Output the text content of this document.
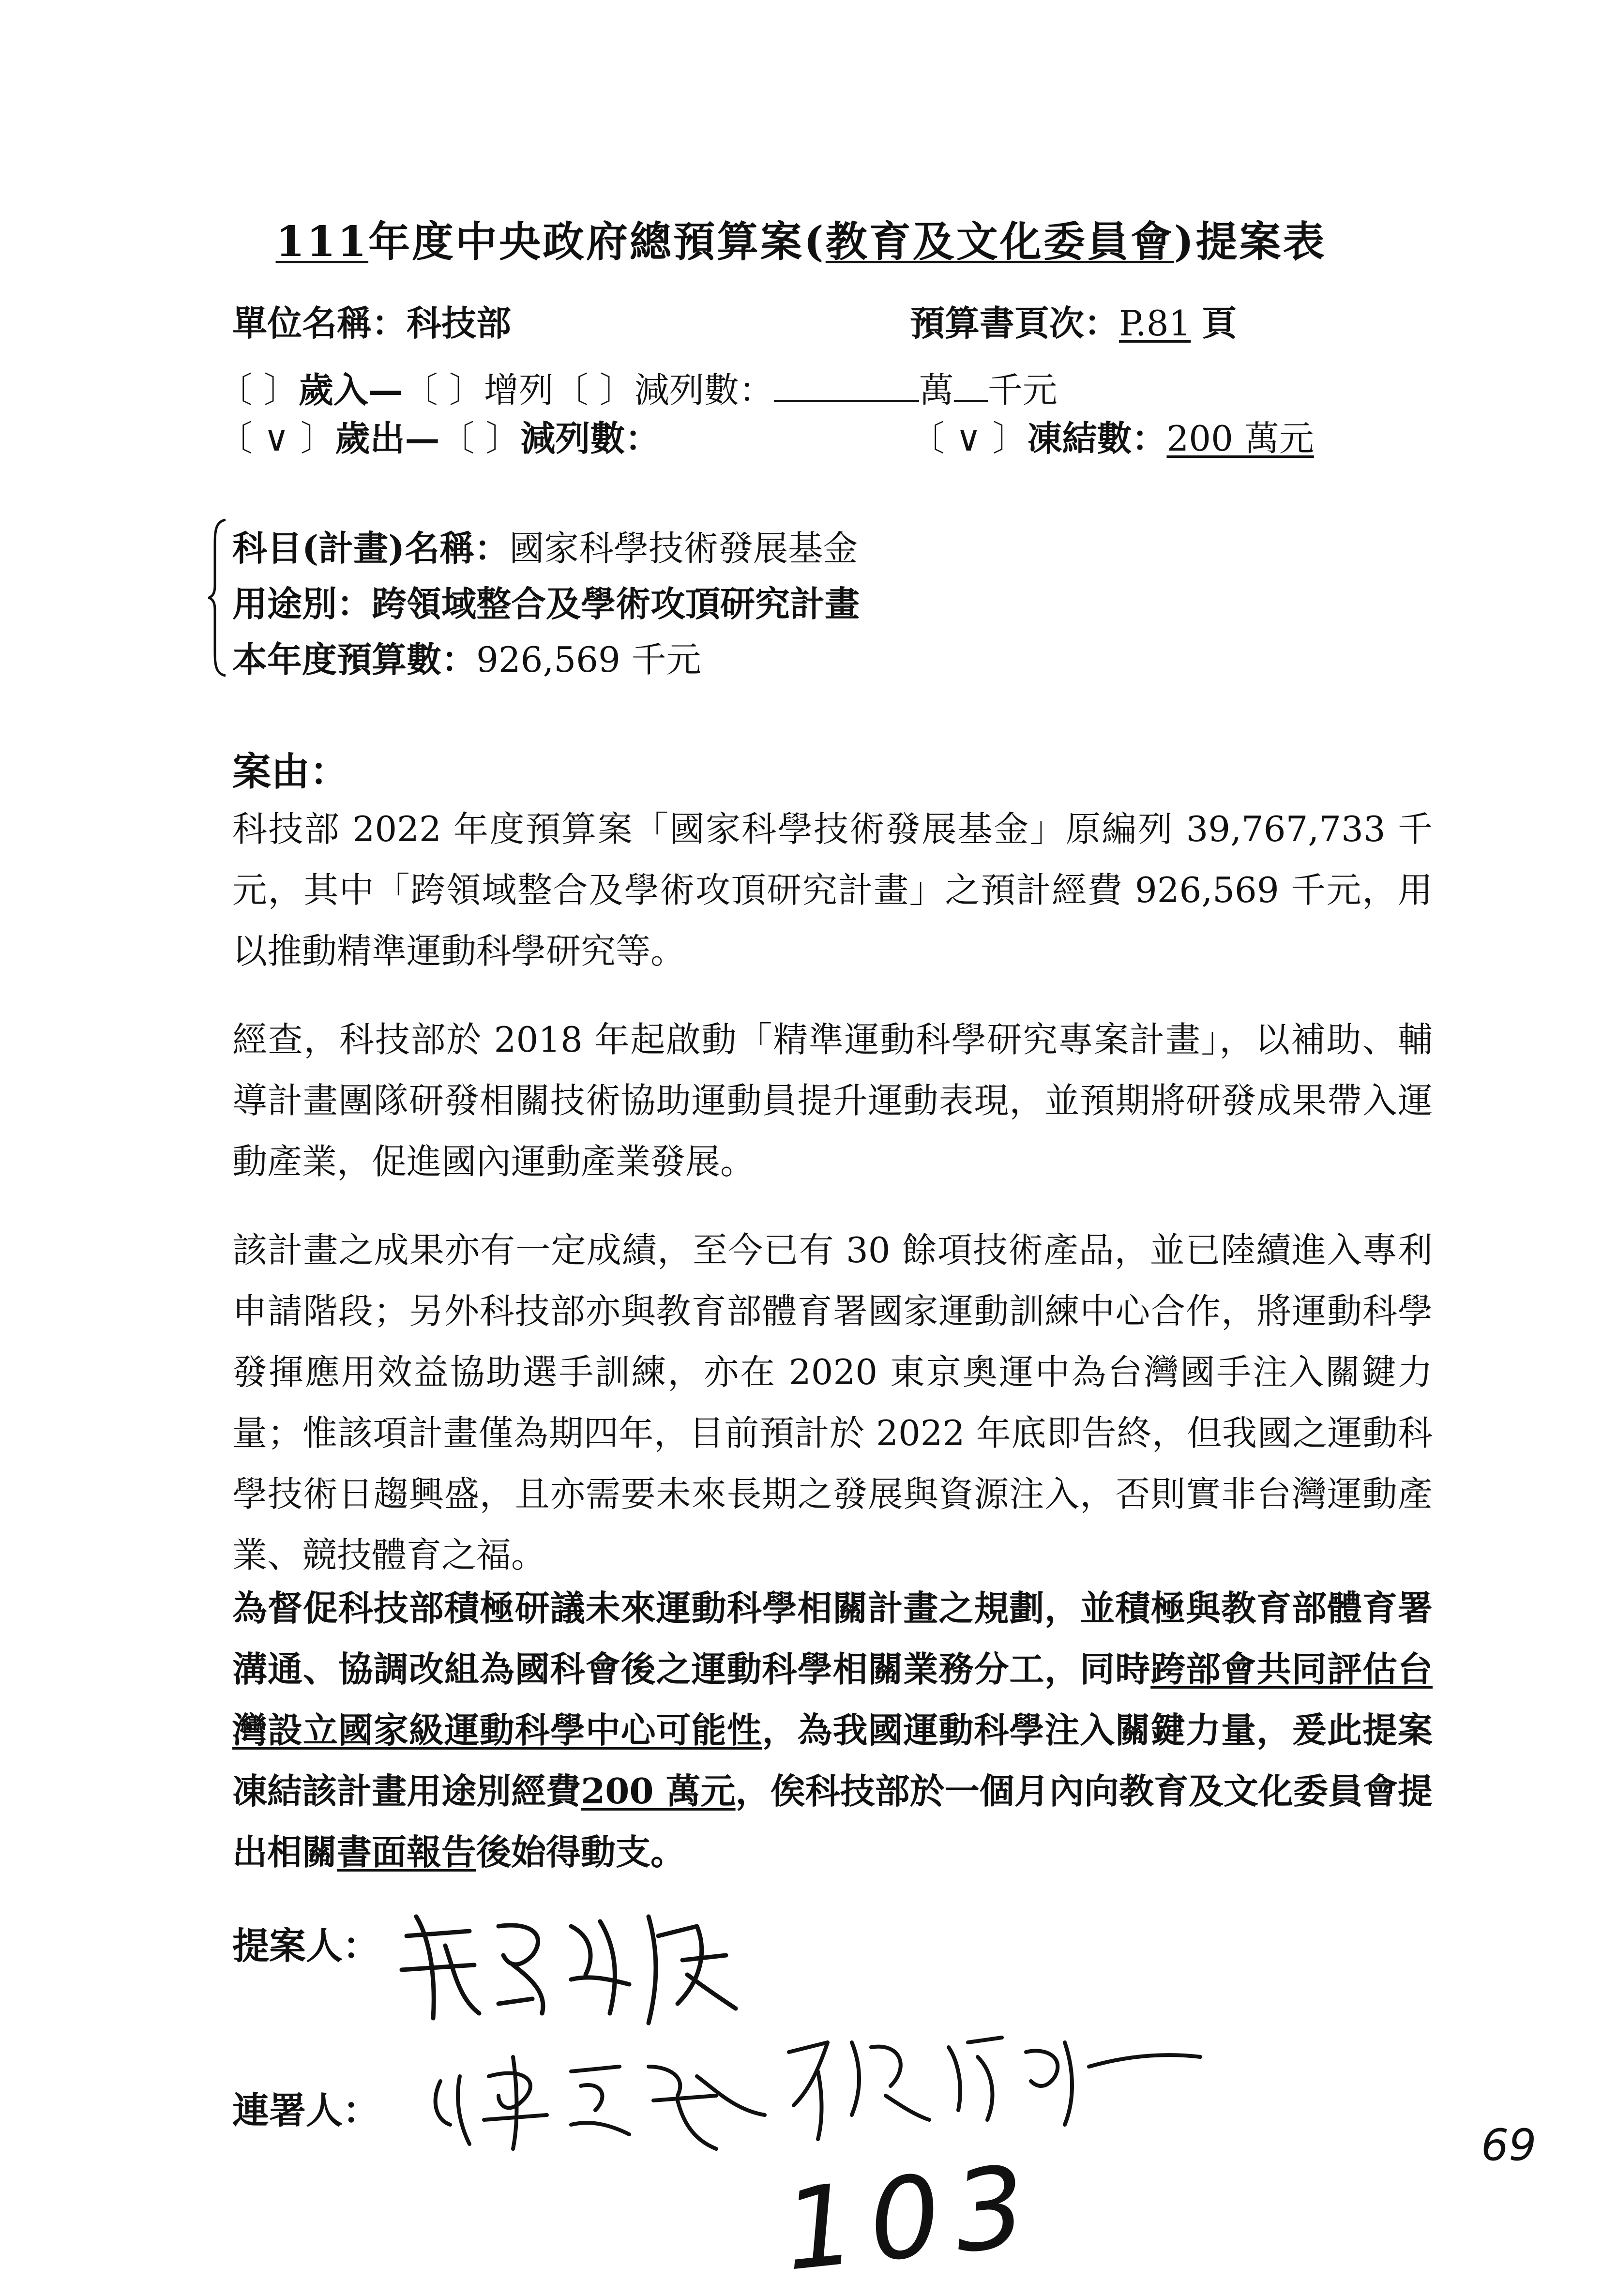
111年度中央政府總預算案(教育及文化委員會)提案表
單位名稱：科技部	預算書頁次：P.81 頁
〔 〕歲入—〔 〕增列〔 〕減列數：	萬 千元
〔 ∨ 〕歲出—〔 〕減列數：	〔 ∨ 〕凍結數：200 萬元
科目(計畫)名稱：國家科學技術發展基金
用途別：跨領域整合及學術攻頂研究計畫
本年度預算數：926,569 千元
案由：
科技部 2022 年度預算案「國家科學技術發展基金」原編列 39,767,733 千元，其中「跨領域整合及學術攻頂研究計畫」之預計經費 926,569 千元，用以推動精準運動科學研究等。
經查，科技部於 2018 年起啟動「精準運動科學研究專案計畫」，以補助、輔導計畫團隊研發相關技術協助運動員提升運動表現，並預期將研發成果帶入運動產業，促進國內運動產業發展。
該計畫之成果亦有一定成績，至今已有 30 餘項技術產品，並已陸續進入專利申請階段；另外科技部亦與教育部體育署國家運動訓練中心合作，將運動科學發揮應用效益協助選手訓練，亦在 2020 東京奧運中為台灣國手注入關鍵力量；惟該項計畫僅為期四年，目前預計於 2022 年底即告終，但我國之運動科學技術日趨興盛，且亦需要未來長期之發展與資源注入，否則實非台灣運動產業、競技體育之福。
為督促科技部積極研議未來運動科學相關計畫之規劃，並積極與教育部體育署溝通、協調改組為國科會後之運動科學相關業務分工，同時跨部會共同評估台灣設立國家級運動科學中心可能性，為我國運動科學注入關鍵力量，爰此提案凍結該計畫用途別經費200 萬元，俟科技部於一個月內向教育及文化委員會提出相關書面報告後始得動支。
提案人：
連署人：
103	69
